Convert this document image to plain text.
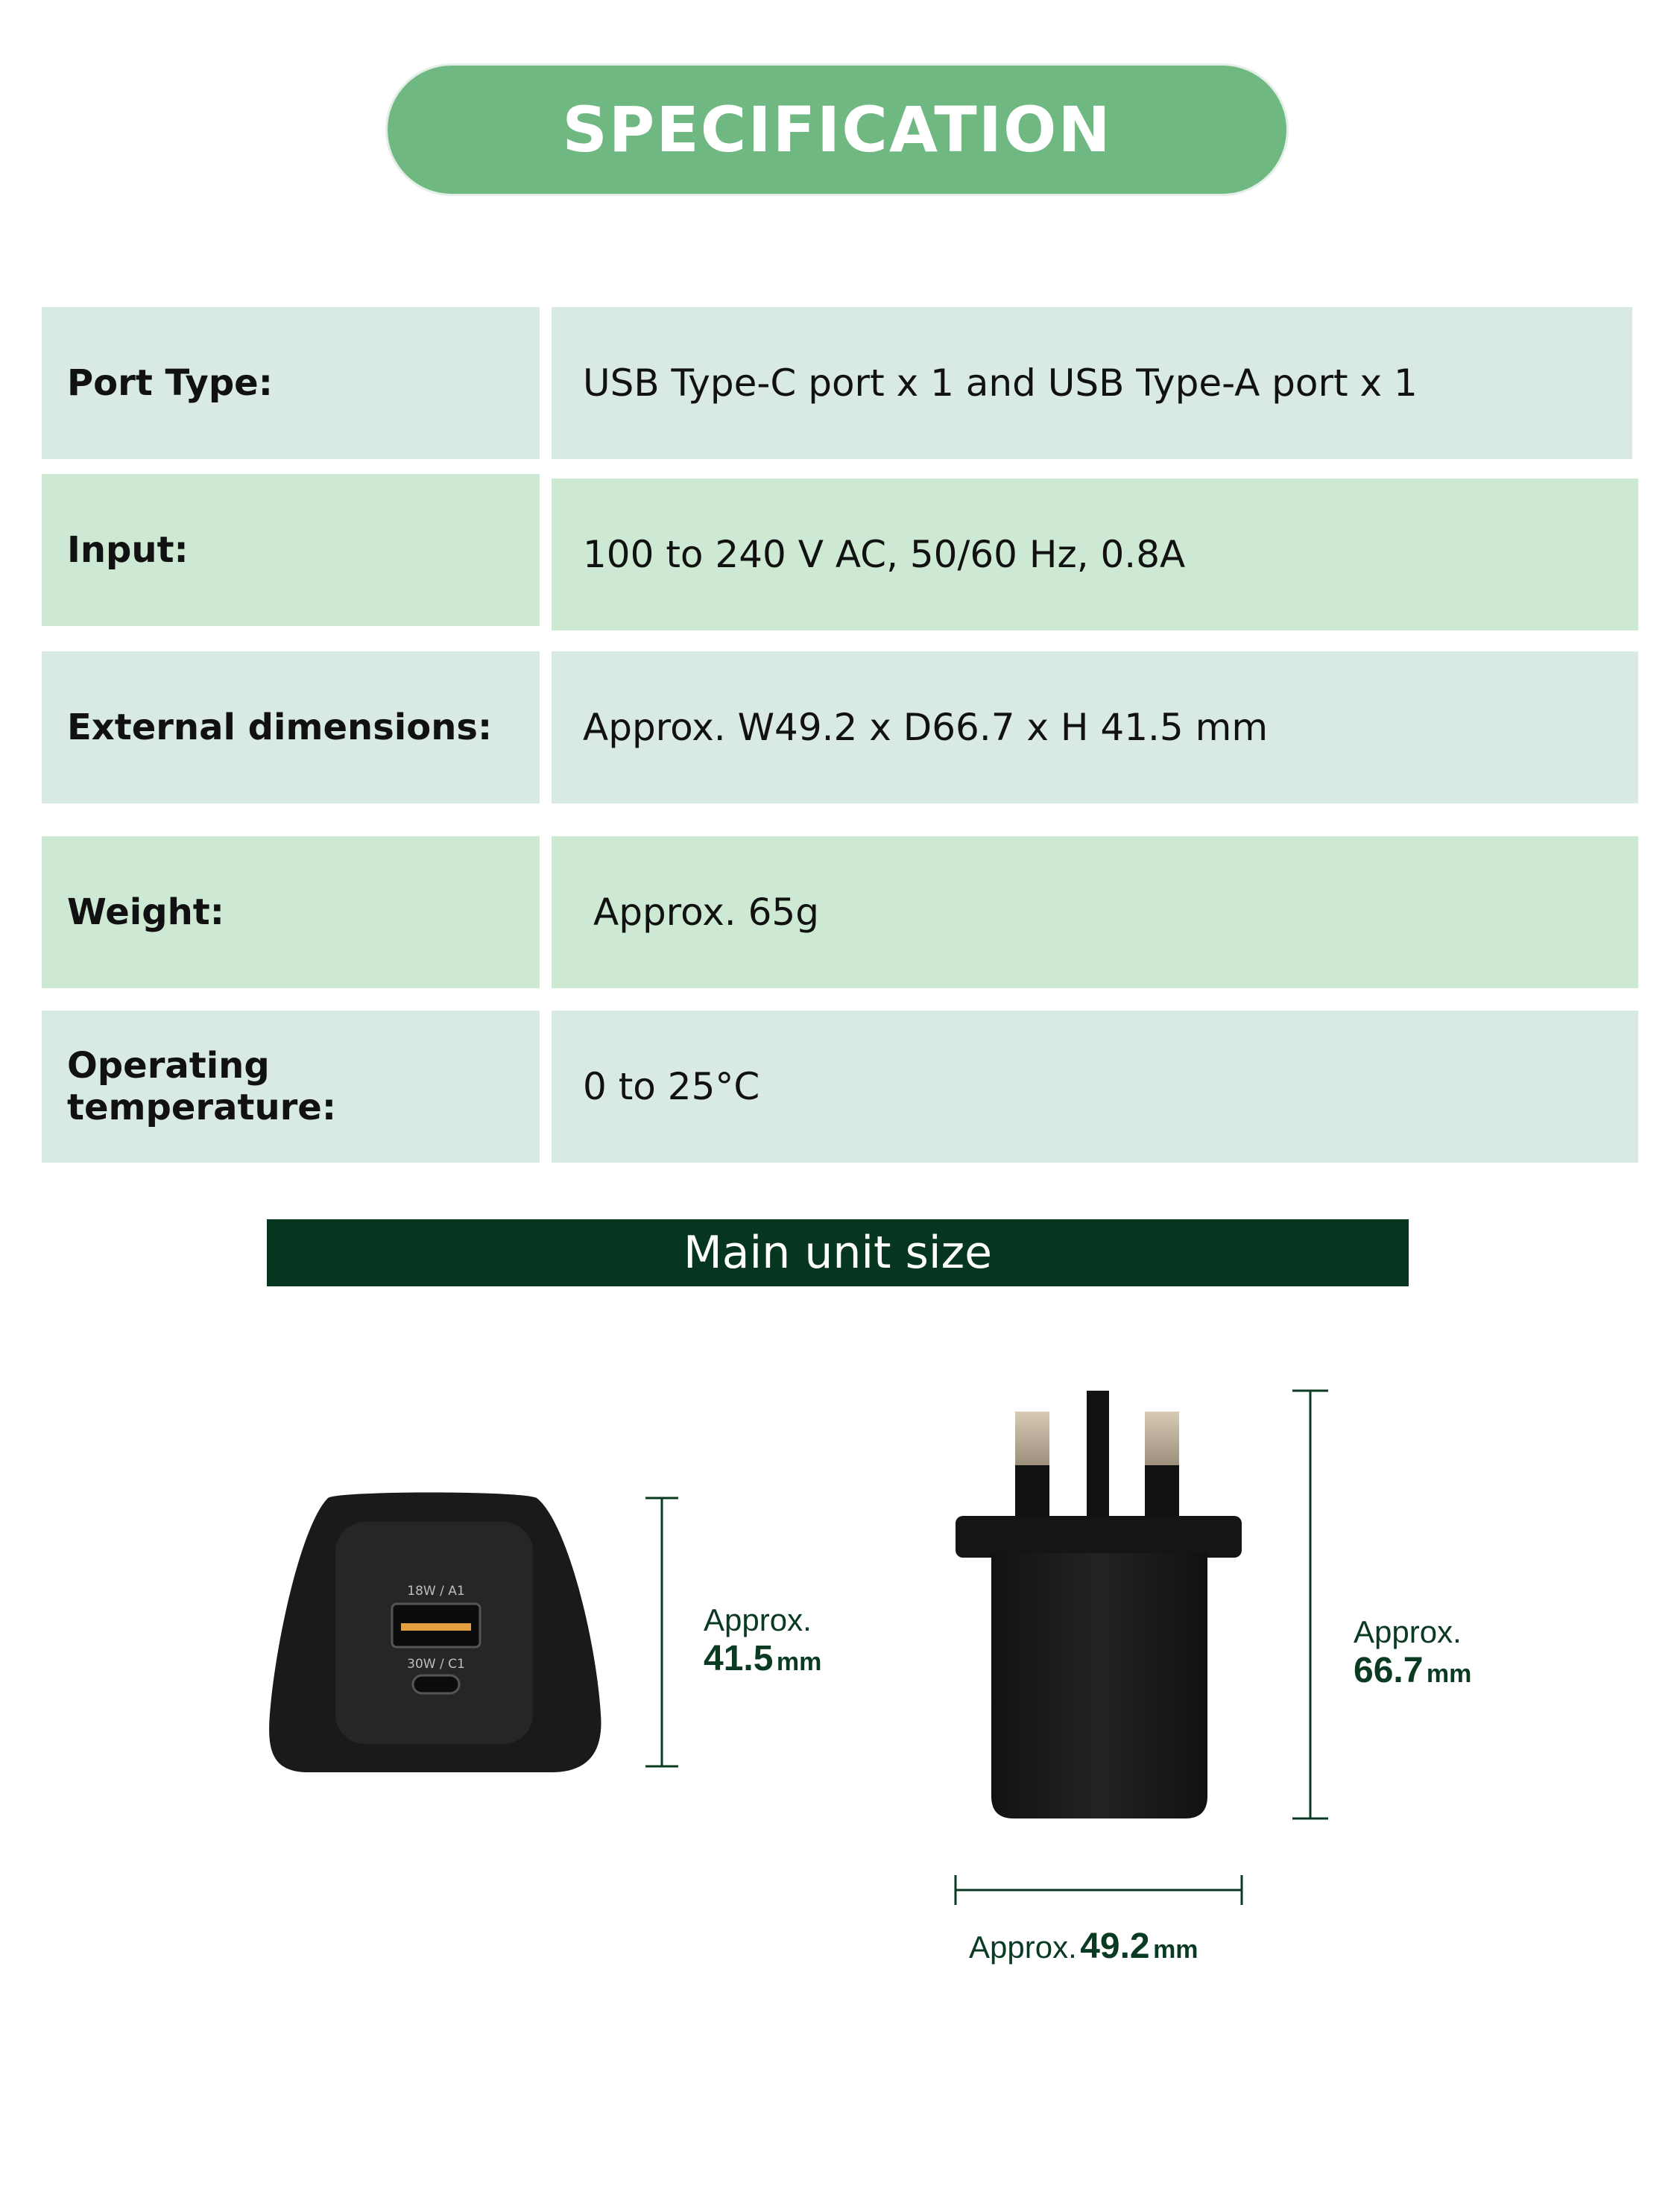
SPECIFICATION
Port Type:	USB Type-C port x 1 and USB Type-A port x 1
Input:	100 to 240 V AC, 50/60 Hz, 0.8A
External dimensions:	Approx. W49.2 x D66.7 x H 41.5 mm
Weight:	Approx. 65g
Operating temperature:	0 to 25°C
Main unit size
18W / A1
30W / C1
Approx.
41.5 mm
Approx.
66.7 mm
Approx. 49.2 mm
